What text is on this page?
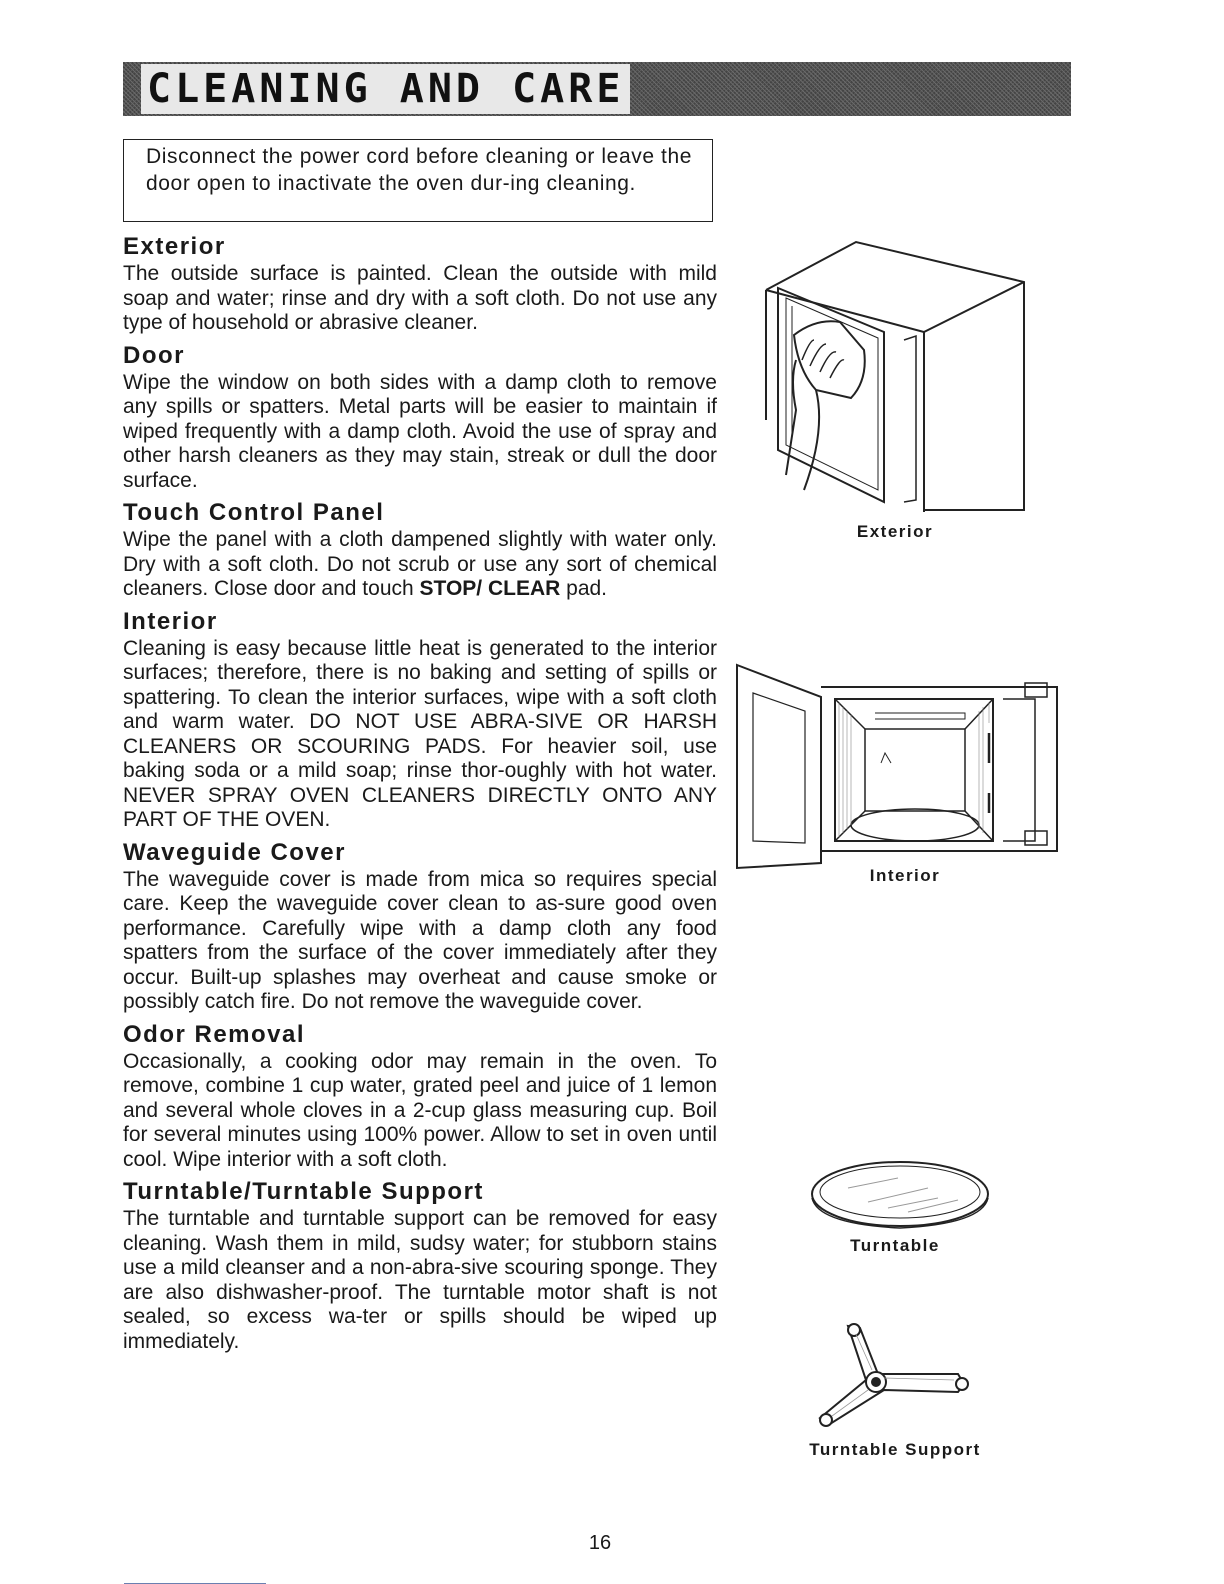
CLEANING AND CARE
Disconnect the power cord before cleaning or leave the door open to inactivate the oven dur-ing cleaning.
Exterior

The outside surface is painted. Clean the outside with mild soap and water; rinse and dry with a soft cloth. Do not use any type of household or abrasive cleaner.

Door

Wipe the window on both sides with a damp cloth to remove any spills or spatters. Metal parts will be easier to maintain if wiped frequently with a damp cloth. Avoid the use of spray and other harsh cleaners as they may stain, streak or dull the door surface.

Touch Control Panel

Wipe the panel with a cloth dampened slightly with water only. Dry with a soft cloth. Do not scrub or use any sort of chemical cleaners. Close door and touch STOP/ CLEAR pad.

Interior

Cleaning is easy because little heat is generated to the interior surfaces; therefore, there is no baking and setting of spills or spattering. To clean the interior surfaces, wipe with a soft cloth and warm water. DO NOT USE ABRA-SIVE OR HARSH CLEANERS OR SCOURING PADS. For heavier soil, use baking soda or a mild soap; rinse thor-oughly with hot water. NEVER SPRAY OVEN CLEANERS DIRECTLY ONTO ANY PART OF THE OVEN.

Waveguide Cover

The waveguide cover is made from mica so requires special care. Keep the waveguide cover clean to as-sure good oven performance. Carefully wipe with a damp cloth any food spatters from the surface of the cover immediately after they occur. Built-up splashes may overheat and cause smoke or possibly catch fire. Do not remove the waveguide cover.

Odor Removal

Occasionally, a cooking odor may remain in the oven. To remove, combine 1 cup water, grated peel and juice of 1 lemon and several whole cloves in a 2-cup glass measuring cup. Boil for several minutes using 100% power. Allow to set in oven until cool. Wipe interior with a soft cloth.

Turntable/Turntable Support

The turntable and turntable support can be removed for easy cleaning. Wash them in mild, sudsy water; for stubborn stains use a mild cleanser and a non-abra-sive scouring sponge. They are also dishwasher-proof. The turntable motor shaft is not sealed, so excess wa-ter or spills should be wiped up immediately.

Exterior
Interior
Turntable
Turntable Support
16
